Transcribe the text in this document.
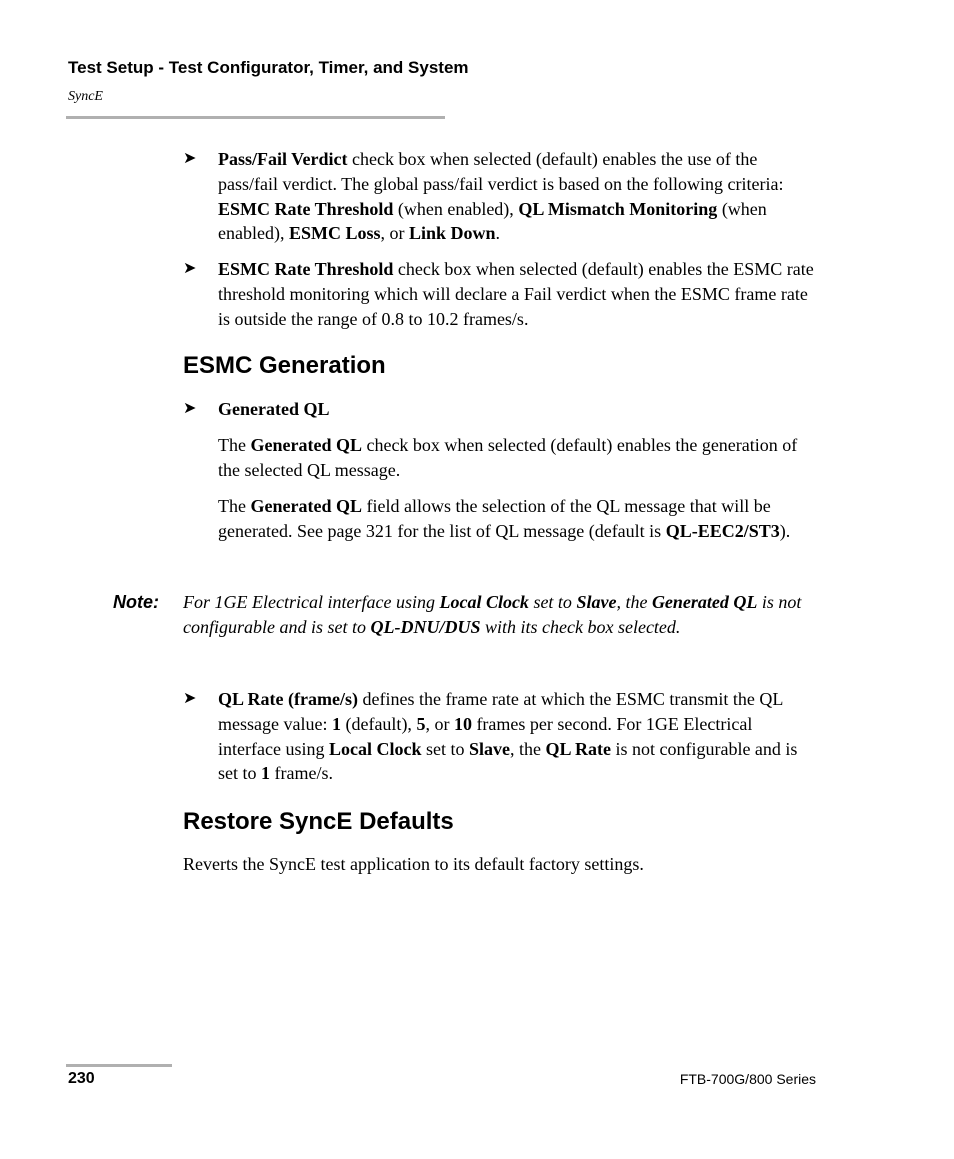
Test Setup - Test Configurator, Timer, and System
SyncE
➤ Pass/Fail Verdict check box when selected (default) enables the use of the pass/fail verdict. The global pass/fail verdict is based on the following criteria: ESMC Rate Threshold (when enabled), QL Mismatch Monitoring (when enabled), ESMC Loss, or Link Down.
➤ ESMC Rate Threshold check box when selected (default) enables the ESMC rate threshold monitoring which will declare a Fail verdict when the ESMC frame rate is outside the range of 0.8 to 10.2 frames/s.
ESMC Generation
➤ Generated QL
The Generated QL check box when selected (default) enables the generation of the selected QL message.
The Generated QL field allows the selection of the QL message that will be generated. See page 321 for the list of QL message (default is QL-EEC2/ST3).
Note: For 1GE Electrical interface using Local Clock set to Slave, the Generated QL is not configurable and is set to QL-DNU/DUS with its check box selected.
➤ QL Rate (frame/s) defines the frame rate at which the ESMC transmit the QL message value: 1 (default), 5, or 10 frames per second. For 1GE Electrical interface using Local Clock set to Slave, the QL Rate is not configurable and is set to 1 frame/s.
Restore SyncE Defaults
Reverts the SyncE test application to its default factory settings.
230	FTB-700G/800 Series
